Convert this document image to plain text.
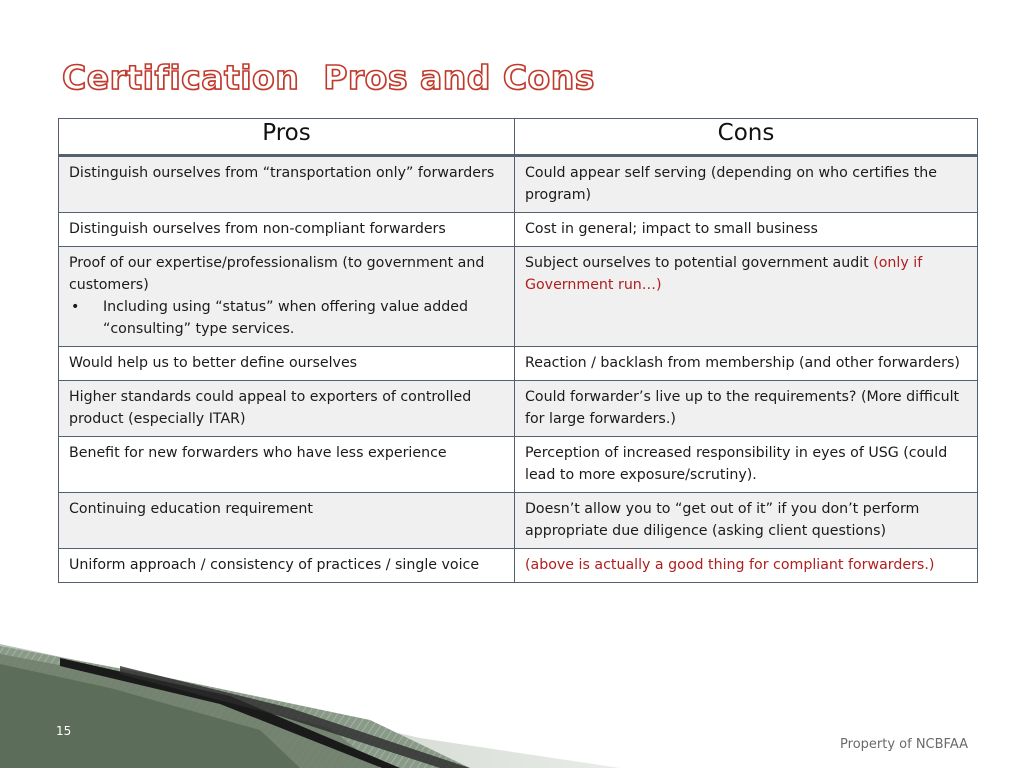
Certification  Pros and Cons
Pros	Cons
Distinguish ourselves from “transportation only” forwarders	Could appear self serving (depending on who certifies the program)
Distinguish ourselves from non-compliant forwarders	Cost in general; impact to small business

Proof of our expertise/professionalism (to government and customers)
• Including using “status” when offering value added “consulting” type services.	Subject ourselves to potential government audit (only if Government run…)
Would help us to better define ourselves	Reaction / backlash from membership (and other forwarders)
Higher standards could appeal to exporters of controlled product (especially ITAR)	Could forwarder’s live up to the requirements? (More difficult for large forwarders.)
Benefit for new forwarders who have less experience	Perception of increased responsibility in eyes of USG (could lead to more exposure/scrutiny).
Continuing education requirement	Doesn’t allow you to “get out of it” if you don’t perform appropriate due diligence (asking client questions)
Uniform approach / consistency of practices / single voice	(above is actually a good thing for compliant forwarders.)
15
Property of NCBFAA
